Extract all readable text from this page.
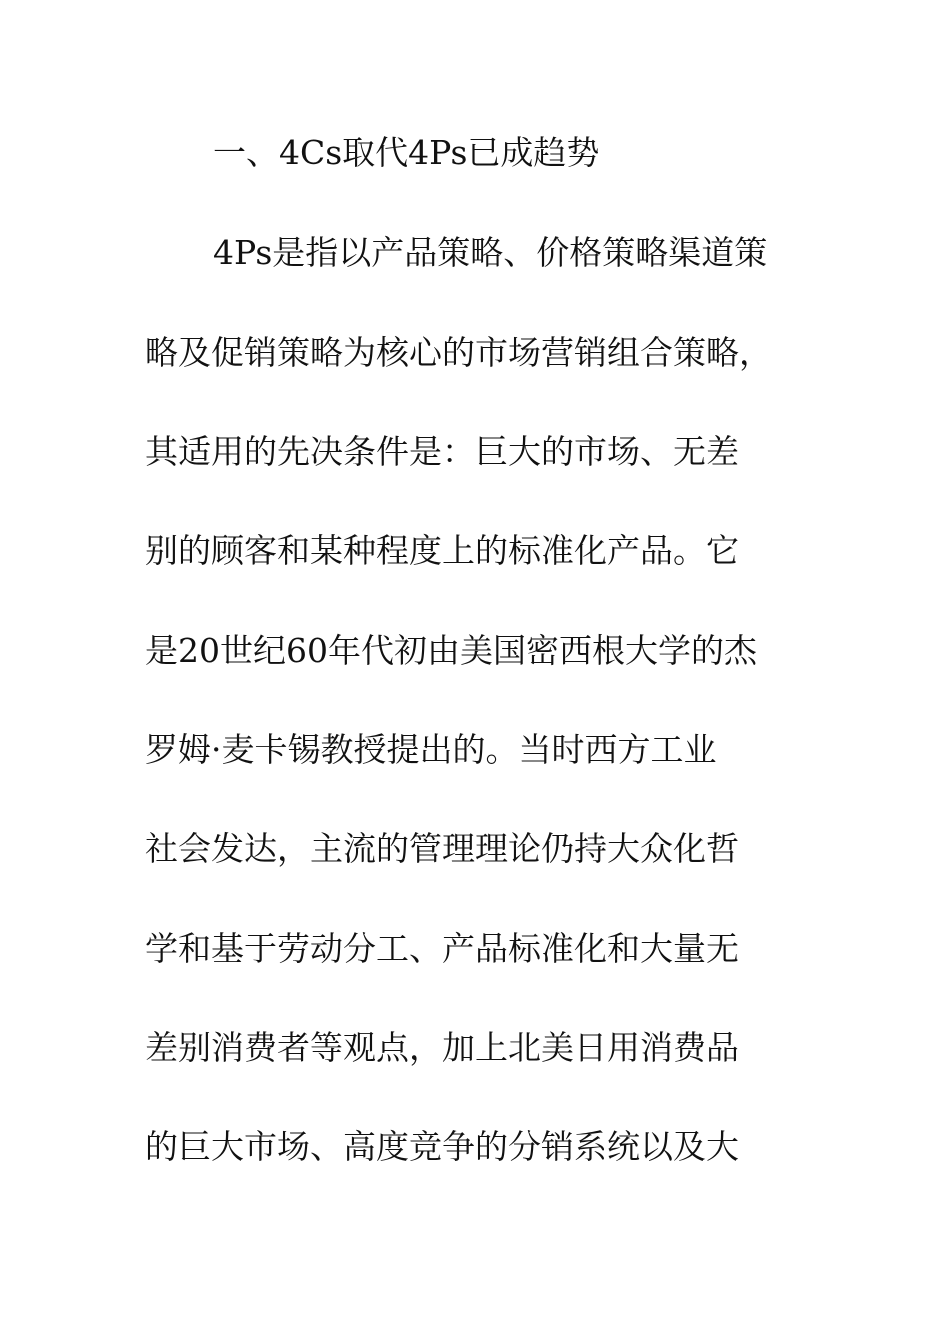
一、4Cs取代4Ps已成趋势
4Ps是指以产品策略、价格策略渠道策
略及促销策略为核心的市场营销组合策略，
其适用的先决条件是：巨大的市场、无差
别的顾客和某种程度上的标准化产品。它
是20世纪60年代初由美国密西根大学的杰
罗姆·麦卡锡教授提出的。当时西方工业
社会发达，主流的管理理论仍持大众化哲
学和基于劳动分工、产品标准化和大量无
差别消费者等观点，加上北美日用消费品
的巨大市场、高度竞争的分销系统以及大
